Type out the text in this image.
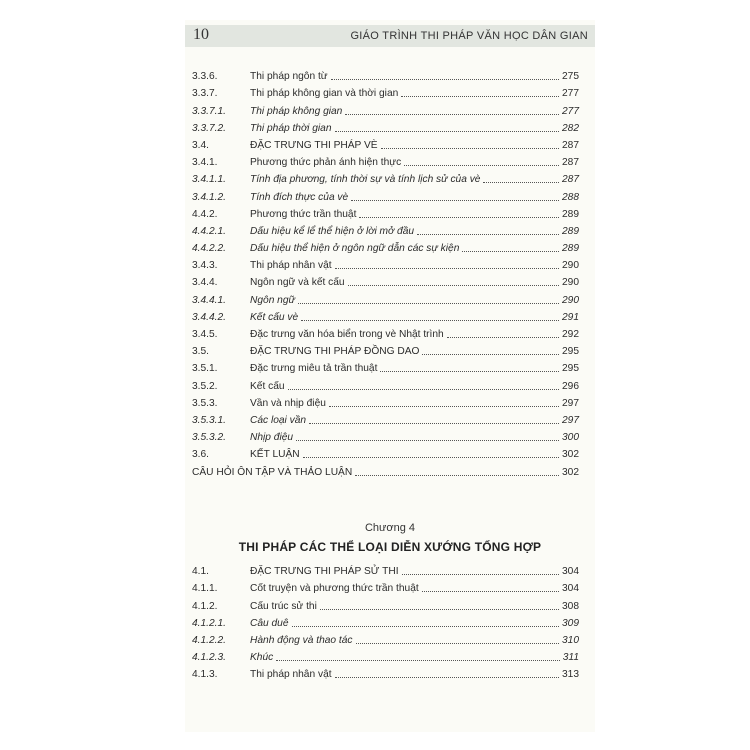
10	GIÁO TRÌNH THI PHÁP VĂN HỌC DÂN GIAN
3.3.6.	Thi pháp ngôn từ	275
3.3.7.	Thi pháp không gian và thời gian	277
3.3.7.1.	Thi pháp không gian	277
3.3.7.2.	Thi pháp thời gian	282
3.4.	ĐẶC TRƯNG THI PHÁP VÈ	287
3.4.1.	Phương thức phản ánh hiện thực	287
3.4.1.1.	Tính địa phương, tính thời sự và tính lịch sử của vè	287
3.4.1.2.	Tính đích thực của vè	288
4.4.2.	Phương thức trần thuật	289
4.4.2.1.	Dấu hiệu kể lể thể hiện ở lời mở đầu	289
4.4.2.2.	Dấu hiệu thể hiện ở ngôn ngữ dẫn các sự kiện	289
3.4.3.	Thi pháp nhân vật	290
3.4.4.	Ngôn ngữ và kết cấu	290
3.4.4.1.	Ngôn ngữ	290
3.4.4.2.	Kết cấu vè	291
3.4.5.	Đặc trưng văn hóa biển trong vè Nhật trình	292
3.5.	ĐẶC TRƯNG THI PHÁP ĐỒNG DAO	295
3.5.1.	Đặc trưng miêu tả trần thuật	295
3.5.2.	Kết cấu	296
3.5.3.	Vần và nhịp điệu	297
3.5.3.1.	Các loại vần	297
3.5.3.2.	Nhịp điệu	300
3.6.	KẾT LUẬN	302
CÂU HỎI ÔN TẬP VÀ THẢO LUẬN	302
Chương 4
THI PHÁP CÁC THỂ LOẠI DIỄN XƯỚNG TỔNG HỢP
4.1.	ĐẶC TRƯNG THI PHÁP SỬ THI	304
4.1.1.	Cốt truyện và phương thức trần thuật	304
4.1.2.	Cấu trúc sử thi	308
4.1.2.1.	Câu duê	309
4.1.2.2.	Hành động và thao tác	310
4.1.2.3.	Khúc	311
4.1.3.	Thi pháp nhân vật	313
